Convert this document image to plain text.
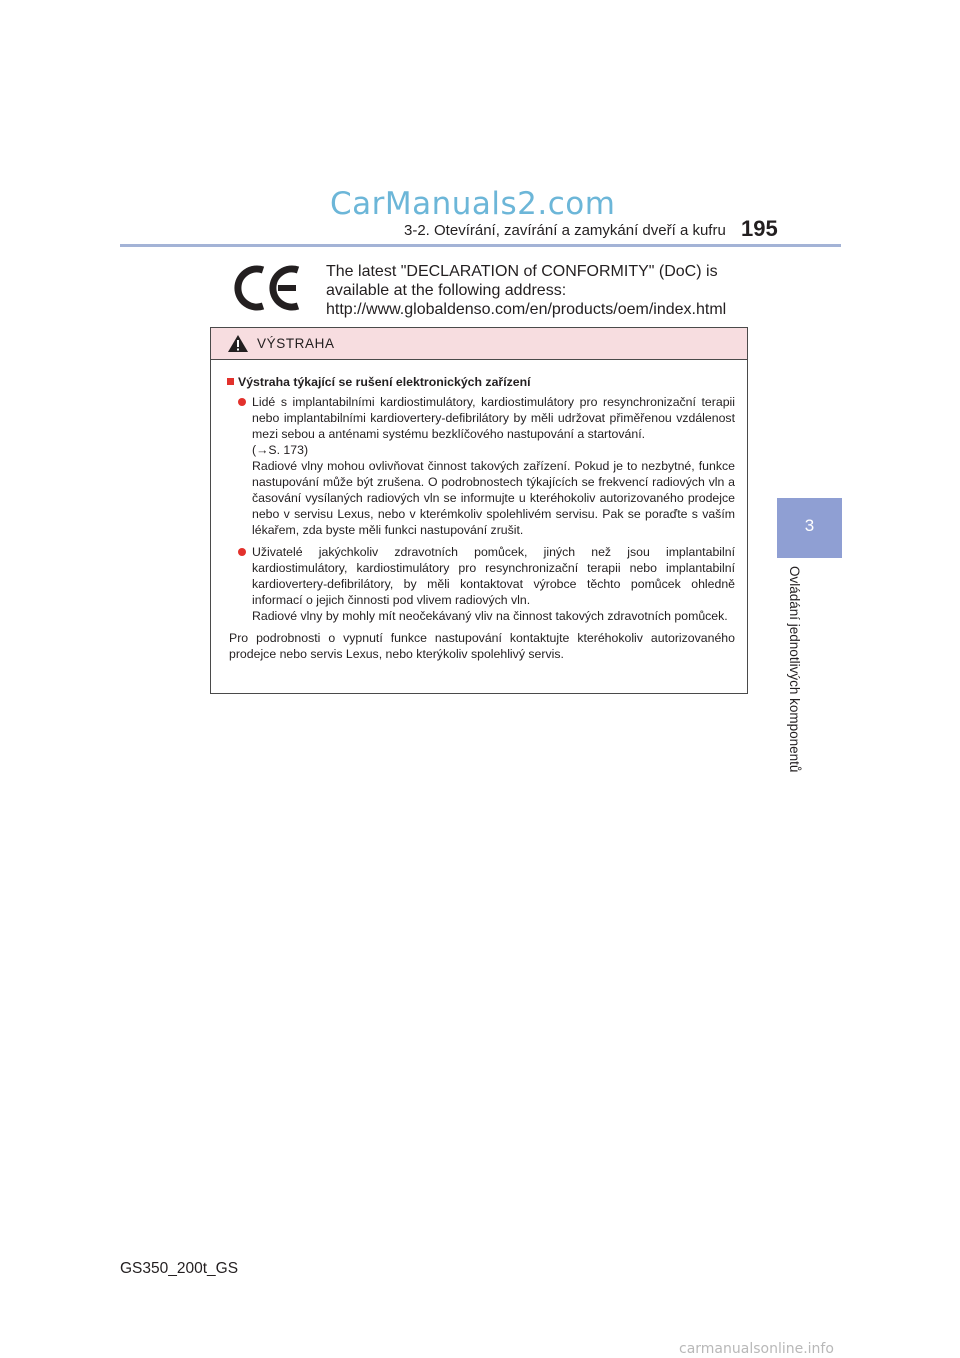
CarManuals2.com
3-2. Otevírání, zavírání a zamykání dveří a kufru 195
3
Ovládání jednotlivých komponentů
The latest "DECLARATION of CONFORMITY" (DoC) is
available at the following address:
http://www.globaldenso.com/en/products/oem/index.html
VÝSTRAHA
Výstraha týkající se rušení elektronických zařízení

Lidé s implantabilními kardiostimulátory, kardiostimulátory pro resynchronizační terapii nebo implantabilními kardiovertery-defibrilátory by měli udržovat přiměřenou vzdálenost mezi sebou a anténami systému bezklíčového nastupování a startování.

(→S. 173)

Radiové vlny mohou ovlivňovat činnost takových zařízení. Pokud je to nezbytné, funkce nastupování může být zrušena. O podrobnostech týkajících se frekvencí radiových vln a časování vysílaných radiových vln se informujte u kteréhokoliv autorizovaného prodejce nebo v servisu Lexus, nebo v kterémkoliv spolehlivém servisu. Pak se poraďte s vaším lékařem, zda byste měli funkci nastupování zrušit.

Uživatelé jakýchkoliv zdravotních pomůcek, jiných než jsou implantabilní kardiostimulátory, kardiostimulátory pro resynchronizační terapii nebo implantabilní kardiovertery-defibrilátory, by měli kontaktovat výrobce těchto pomůcek ohledně informací o jejich činnosti pod vlivem radiových vln.

Radiové vlny by mohly mít neočekávaný vliv na činnost takových zdravotních pomůcek.

Pro podrobnosti o vypnutí funkce nastupování kontaktujte kteréhokoliv autorizovaného prodejce nebo servis Lexus, nebo kterýkoliv spolehlivý servis.

GS350_200t_GS
carmanualsonline.info
